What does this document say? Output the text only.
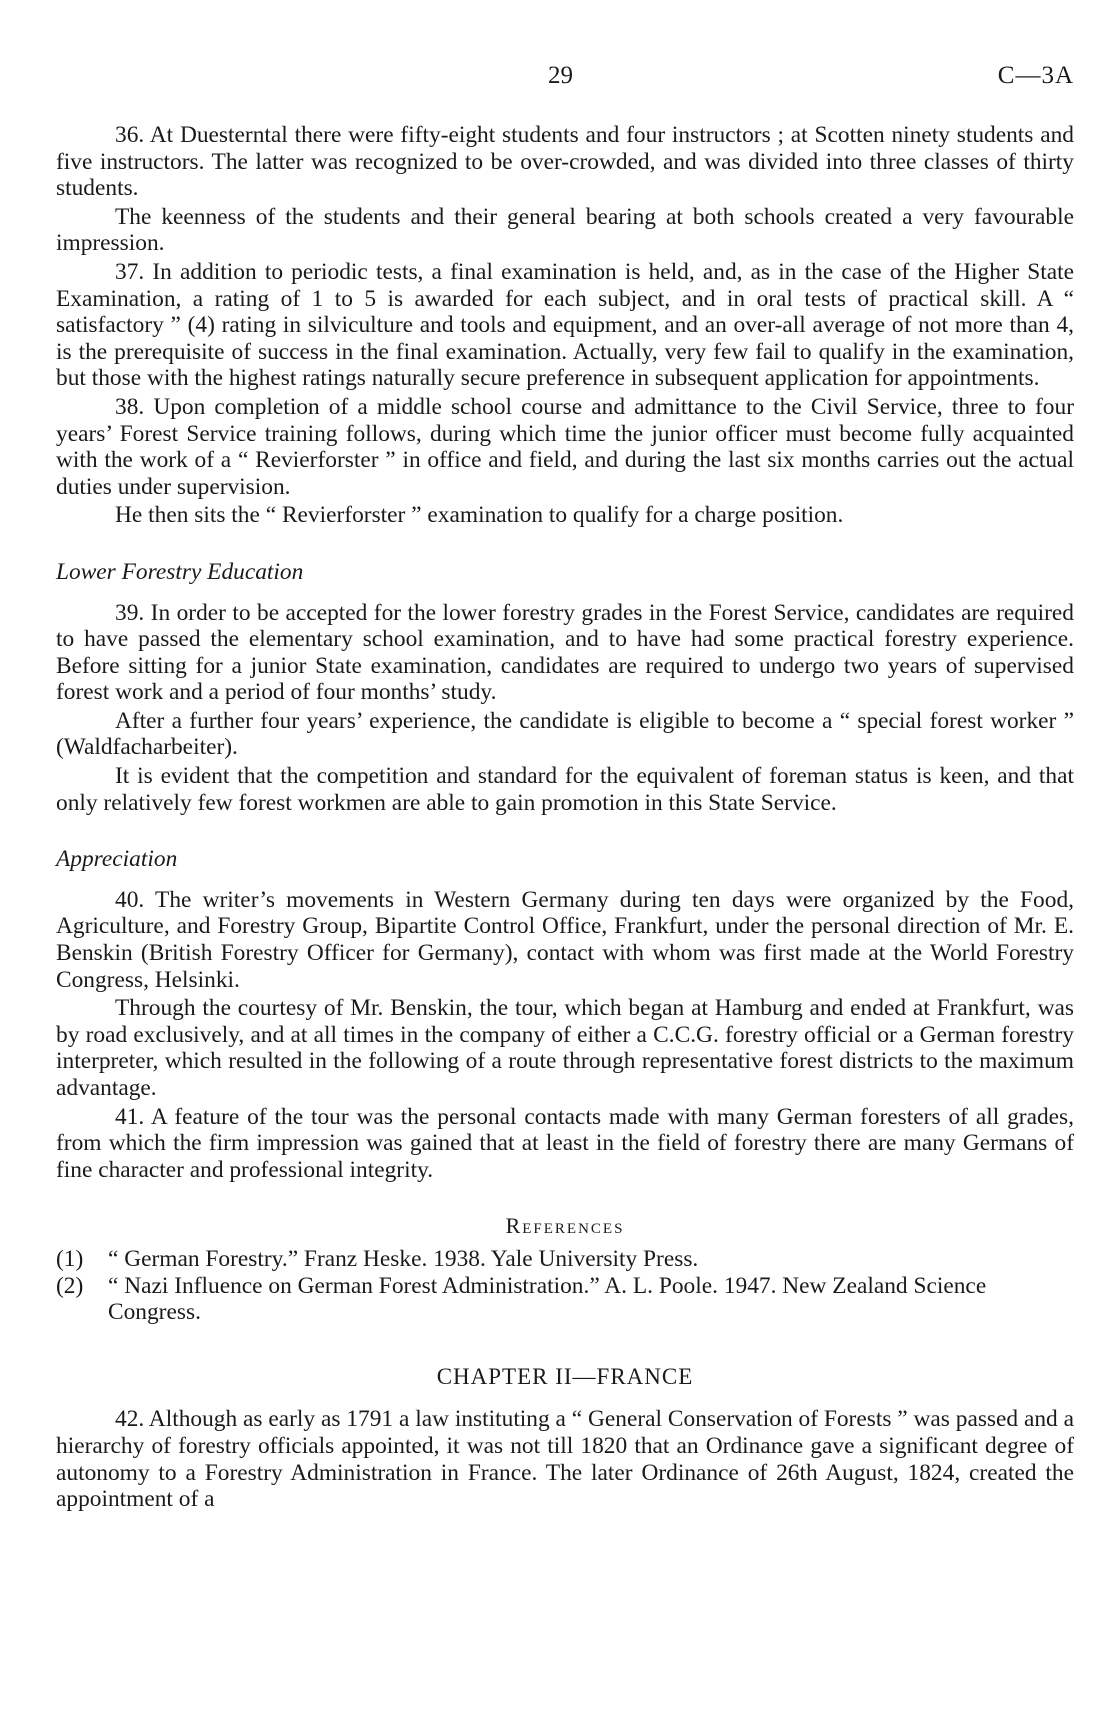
29	C—3A

36. At Duesterntal there were fifty-eight students and four instructors ; at Scotten ninety students and five instructors. The latter was recognized to be over-crowded, and was divided into three classes of thirty students.

The keenness of the students and their general bearing at both schools created a very favourable impression.

37. In addition to periodic tests, a final examination is held, and, as in the case of the Higher State Examination, a rating of 1 to 5 is awarded for each subject, and in oral tests of practical skill. A “ satisfactory ” (4) rating in silviculture and tools and equipment, and an over-all average of not more than 4, is the prerequisite of success in the final examination. Actually, very few fail to qualify in the examination, but those with the highest ratings naturally secure preference in subsequent application for appointments.

38. Upon completion of a middle school course and admittance to the Civil Service, three to four years’ Forest Service training follows, during which time the junior officer must become fully acquainted with the work of a “ Revierforster ” in office and field, and during the last six months carries out the actual duties under supervision.

He then sits the “ Revierforster ” examination to qualify for a charge position.

Lower Forestry Education

39. In order to be accepted for the lower forestry grades in the Forest Service, candidates are required to have passed the elementary school examination, and to have had some practical forestry experience. Before sitting for a junior State examination, candidates are required to undergo two years of supervised forest work and a period of four months’ study.

After a further four years’ experience, the candidate is eligible to become a “ special forest worker ” (Waldfacharbeiter).

It is evident that the competition and standard for the equivalent of foreman status is keen, and that only relatively few forest workmen are able to gain promotion in this State Service.

Appreciation

40. The writer’s movements in Western Germany during ten days were organized by the Food, Agriculture, and Forestry Group, Bipartite Control Office, Frankfurt, under the personal direction of Mr. E. Benskin (British Forestry Officer for Germany), contact with whom was first made at the World Forestry Congress, Helsinki.

Through the courtesy of Mr. Benskin, the tour, which began at Hamburg and ended at Frankfurt, was by road exclusively, and at all times in the company of either a C.C.G. forestry official or a German forestry interpreter, which resulted in the following of a route through representative forest districts to the maximum advantage.

41. A feature of the tour was the personal contacts made with many German foresters of all grades, from which the firm impression was gained that at least in the field of forestry there are many Germans of fine character and professional integrity.

References
(1) “ German Forestry.” Franz Heske. 1938. Yale University Press.
(2) “ Nazi Influence on German Forest Administration.” A. L. Poole. 1947. New Zealand Science Congress.
CHAPTER II—FRANCE

42. Although as early as 1791 a law instituting a “ General Conservation of Forests ” was passed and a hierarchy of forestry officials appointed, it was not till 1820 that an Ordinance gave a significant degree of autonomy to a Forestry Administration in France. The later Ordinance of 26th August, 1824, created the appointment of a
